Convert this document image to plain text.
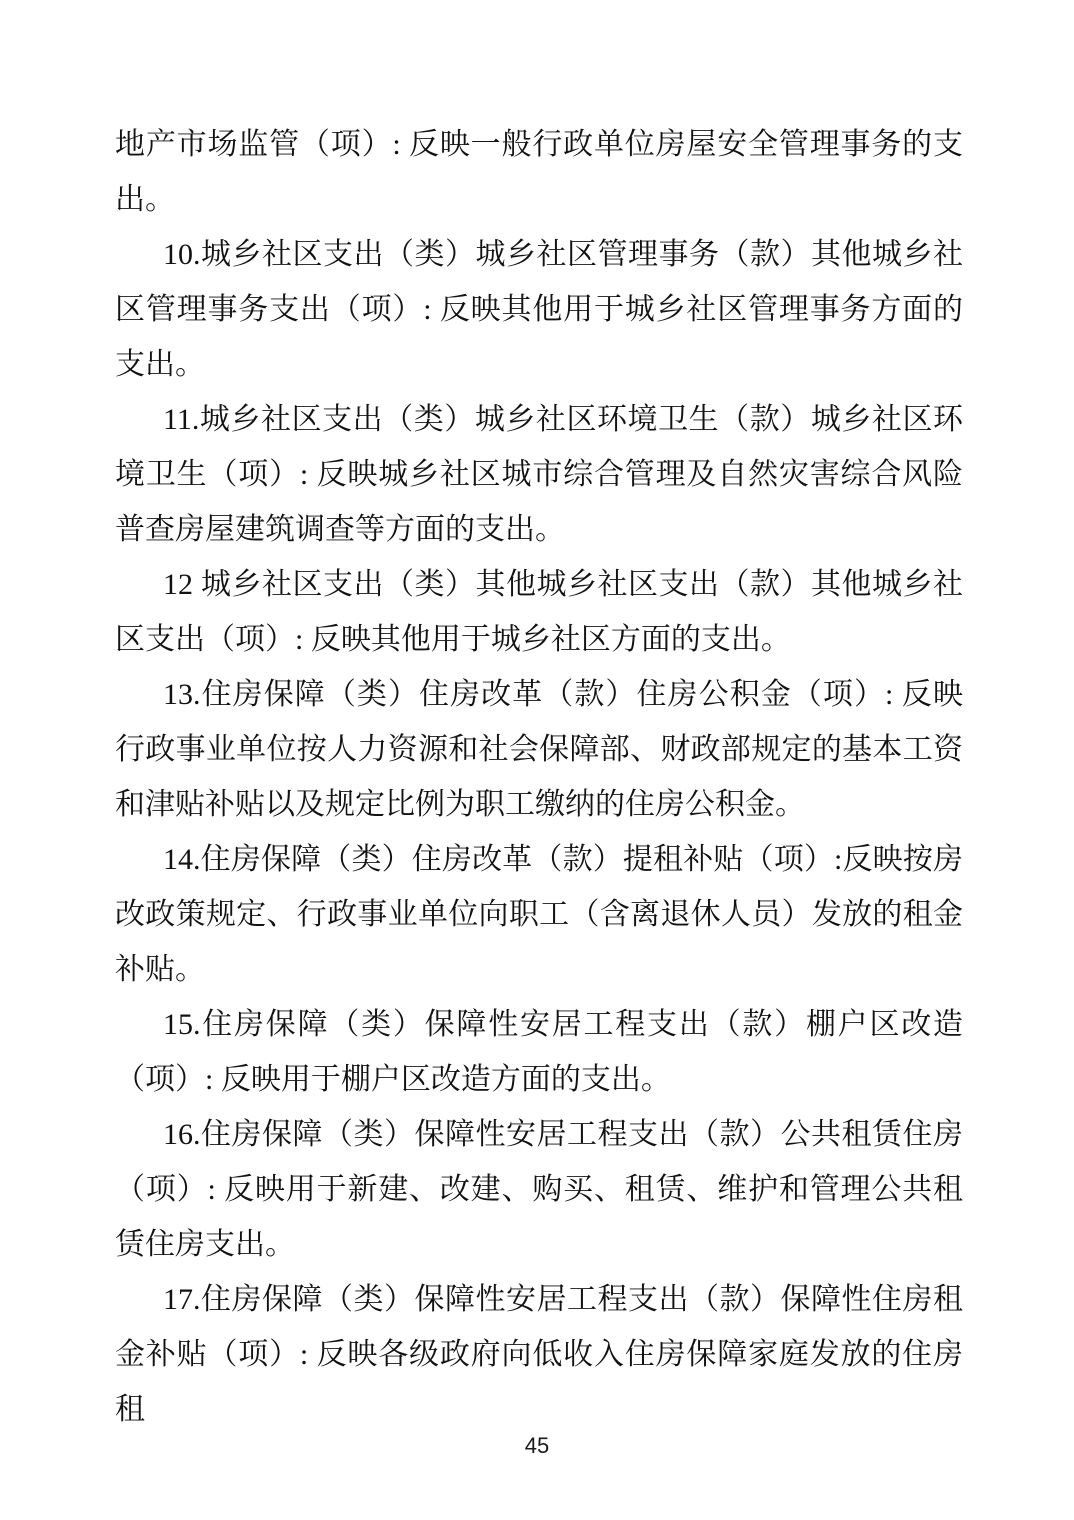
地产市场监管（项）: 反映一般行政单位房屋安全管理事务的支出。

10.城乡社区支出（类）城乡社区管理事务（款）其他城乡社区管理事务支出（项）: 反映其他用于城乡社区管理事务方面的支出。

11.城乡社区支出（类）城乡社区环境卫生（款）城乡社区环境卫生（项）: 反映城乡社区城市综合管理及自然灾害综合风险普查房屋建筑调查等方面的支出。

12 城乡社区支出（类）其他城乡社区支出（款）其他城乡社区支出（项）: 反映其他用于城乡社区方面的支出。

13.住房保障（类）住房改革（款）住房公积金（项）: 反映行政事业单位按人力资源和社会保障部、财政部规定的基本工资和津贴补贴以及规定比例为职工缴纳的住房公积金。

14.住房保障（类）住房改革（款）提租补贴（项）:反映按房改政策规定、行政事业单位向职工（含离退休人员）发放的租金补贴。

15.住房保障（类）保障性安居工程支出（款）棚户区改造（项）: 反映用于棚户区改造方面的支出。

16.住房保障（类）保障性安居工程支出（款）公共租赁住房（项）: 反映用于新建、改建、购买、租赁、维护和管理公共租赁住房支出。

17.住房保障（类）保障性安居工程支出（款）保障性住房租金补贴（项）: 反映各级政府向低收入住房保障家庭发放的住房租

45
